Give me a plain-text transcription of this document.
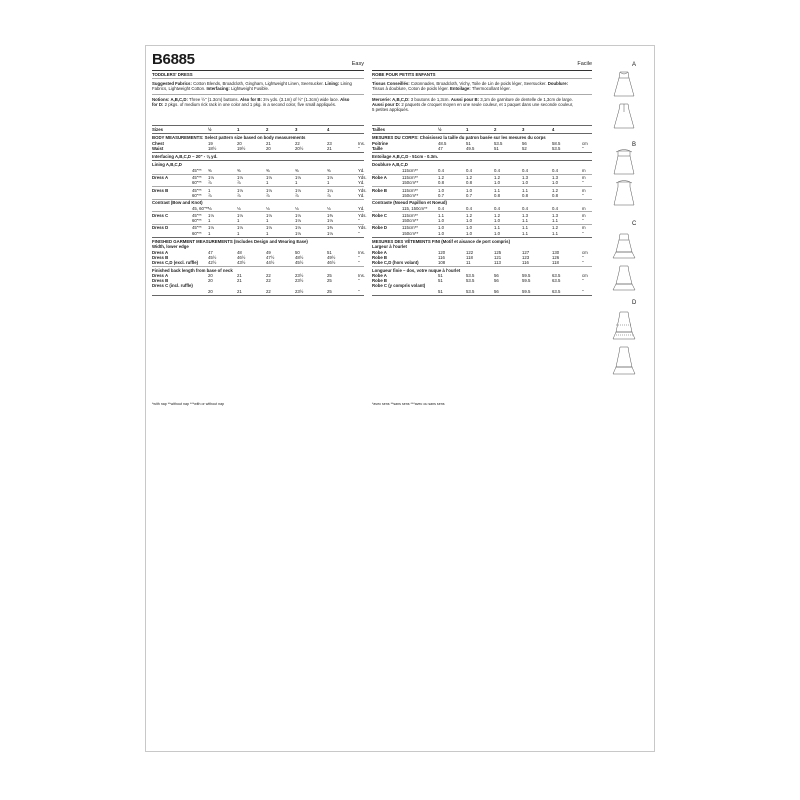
B6885	Easy
TODDLERS' DRESS
Suggested Fabrics: Cotton Blends, Broadcloth, Gingham, Lightweight Linen, Seersucker. Lining: Lining
Fabrics, Lightweight Cotton. Interfacing: Lightweight Fusible.
Notions: A,B,C,D: Three ½" (1.3cm) buttons. Also for B: 3⅛ yds. (3.1m) of ½" (1.3cm) wide lace. Also
for D: 2 pkgs. of medium rick rack in one color and 1 pkg. in a second color, five small appliqués.
Sizes	½	1	2	3	4
BODY MEASUREMENTS: Select pattern size based on body measurements
Chest	19	20	21	22	23	Ins.
Waist	18½	19½	20	20½	21	"
Interfacing A,B,C,D – 20" - ⅛ yd.
Lining A,B,C,D
45"** ⅜	⅜	⅜	⅜	⅜	Yd.
Dress A	45"** 1⅛	1⅛	1⅛	1⅛	1⅛	Yds.
60"** ⅞	⅞	1	1	1	Yd.
Dress B	45"** 1	1⅛	1⅛	1⅛	1¼	Yds.
60"** ⅞	⅞	⅞	⅞	⅞	Yd.
Contrast (Bow and Knot)
45, 60"** ⅛	⅛	⅛	⅛	⅛	Yd.
Dress C	45"** 1⅛	1⅛	1⅛	1⅛	1⅜	Yds.
60"** 1	1	1	1⅛	1⅛	"
Dress D	45"** 1⅛	1⅛	1⅛	1⅛	1⅜	Yds.
60"** 1	1	1	1⅛	1⅛	"
FINISHED GARMENT MEASUREMENTS (Includes Design and Wearing Ease)
Width, lower edge
Dress A	47	48	49	50	51	Ins.
Dress B	45½	46½	47½	48½	49½	"
Dress C,D (excl. ruffle) 42½	43½	44½	45½	46½	"
Finished back length from base of neck
Dress A	20	21	22	23½	25	Ins.
Dress B	20	21	22	23½	25	"
Dress C (incl. ruffle)
20	21	22	23½	25	"
*with nap **without nap ***with or without nap
Facile
ROBE POUR PETITS ENFANTS
Tissus Conseillés: Cotonnades, Broadcloth, Vichy, Toile de Lin de poids léger, Seersucker. Doublure:
Tissus à doublure, Coton de poids léger. Entoilage: Thermocollant léger.
Mercerie: A,B,C,D: 3 boutons de 1,3cm. Aussi pour B: 3,1m de garniture de dentelle de 1,3cm de large.
Aussi pour D: 2 paquets de croquet moyen en une seule couleur, et 1 paquet dans une seconde couleur,
5 petites appliqués.
Tailles	½	1	2	3	4
MESURES DU CORPS: Choisissez la taille du patron basée sur les mesures du corps
Poitrine	48.5	51	53.5	56	58.5	cm
Taille	47	49.5	51	52	53.5	"
Entoilage A,B,C,D - 51cm - 0.3m.
Doublure A,B,C,D
115cm**	0.4	0.4	0.4	0.4	0.4	m
Robe A	115cm**	1.2	1.2	1.2	1.3	1.3	m
150cm**	0.8	0.8	1.0	1.0	1.0	"
Robe B	115cm**	1.0	1.0	1.1	1.1	1.2	m
150cm**	0.7	0.7	0.8	0.8	0.8	"
Contraste (Noeud Papillon et Noeud)
115, 150cm** 0.4	0.4	0.4	0.4	0.4	m
Robe C	115cm**	1.1	1.2	1.2	1.3	1.3	m
150cm**	1.0	1.0	1.0	1.1	1.1	"
Robe D	115cm**	1.0	1.0	1.1	1.1	1.2	m
150cm**	1.0	1.0	1.0	1.1	1.1	"
MESURES DES VÊTEMENTS FINI (Motif et aisance de port compris)
Largeur à l'ourlet
Robe A	120	122	125	127	130	cm
Robe B	116	118	121	123	126	"
Robe C,D (hors volant)	108	11	113	116	118	"
Longueur finie – dos, votre nuque à l'ourlet
Robe A	51	53.5	56	59.5	63.5	cm
Robe B	51	53.5	56	59.5	63.5	"
Robe C (y compris volant)
51	53.5	56	59.5	63.5	"
*avec sens **sans sens ***avec ou sans sens
A
B
C
D
